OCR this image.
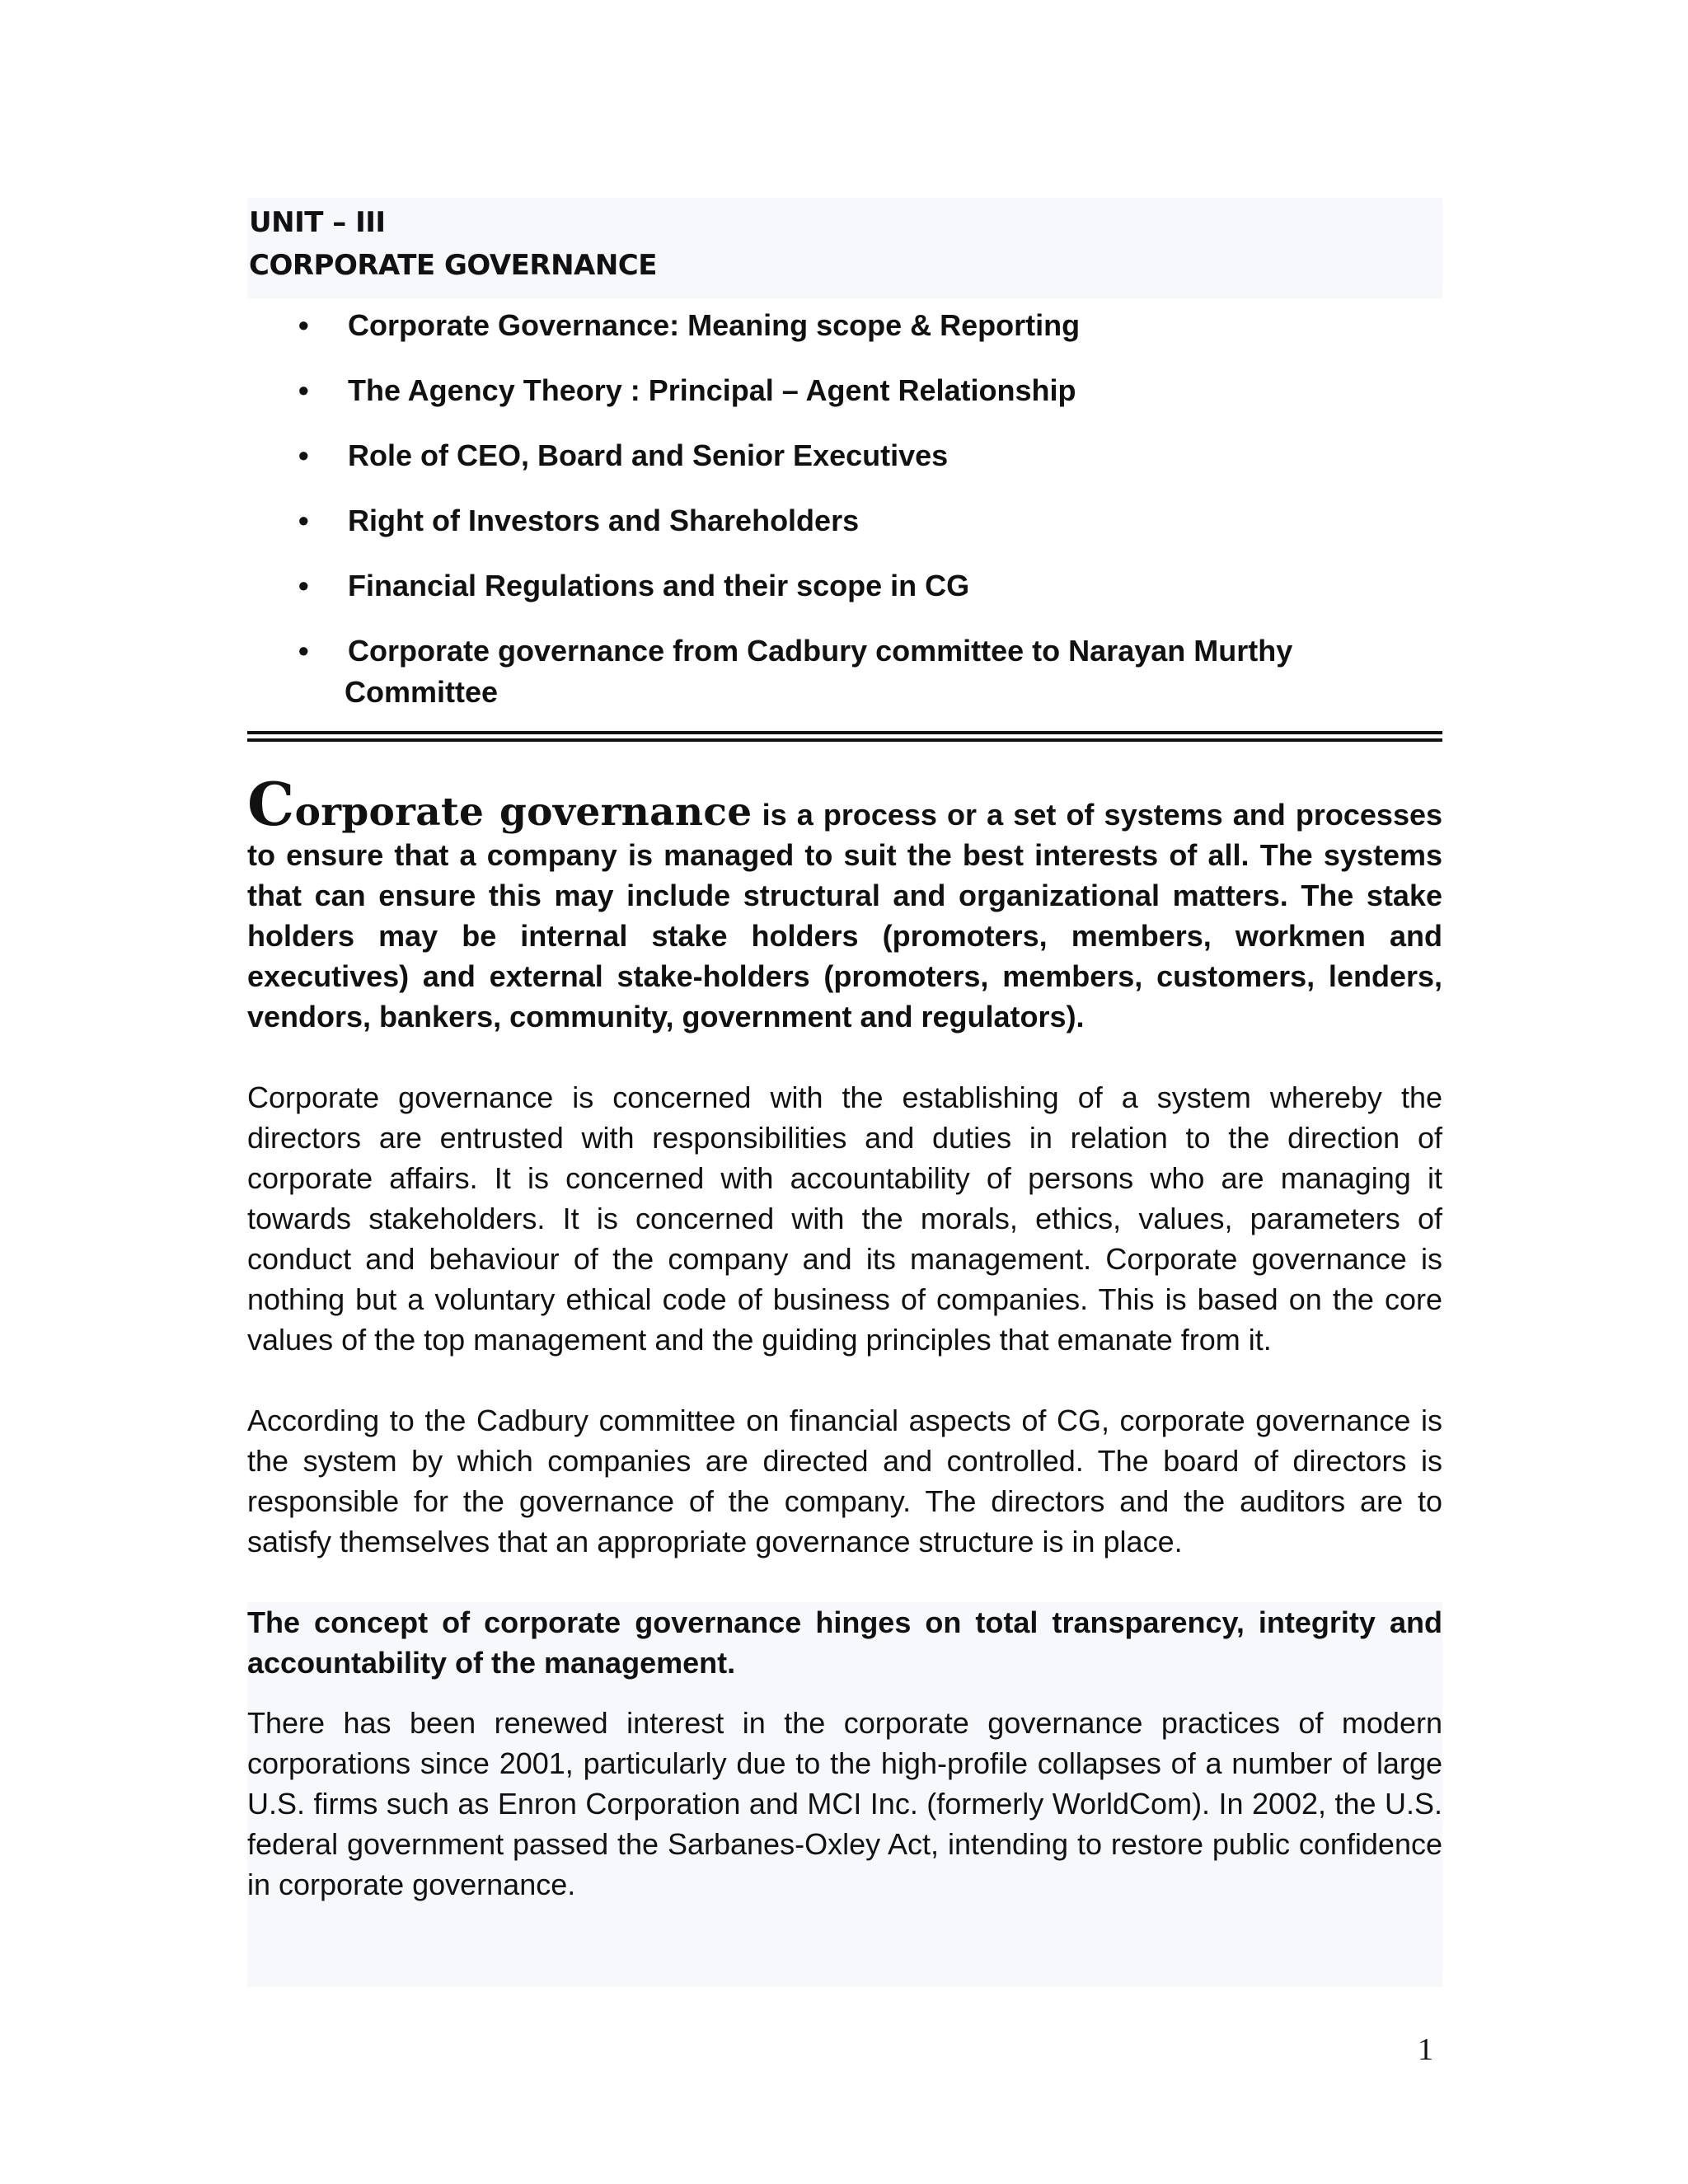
UNIT – III
CORPORATE GOVERNANCE
• Corporate Governance: Meaning scope & Reporting
• The Agency Theory : Principal – Agent Relationship
• Role of CEO, Board and Senior Executives
• Right of Investors and Shareholders
• Financial Regulations and their scope in CG
• Corporate governance from Cadbury committee to Narayan Murthy
Committee
Corporate governance is a process or a set of systems and processes to ensure that a company is managed to suit the best interests of all. The systems that can ensure this may include structural and organizational matters. The stake holders may be internal stake holders (promoters, members, workmen and executives) and external stake-holders (promoters, members, customers, lenders, vendors, bankers, community, government and regulators).

Corporate governance is concerned with the establishing of a system whereby the directors are entrusted with responsibilities and duties in relation to the direction of corporate affairs. It is concerned with accountability of persons who are managing it towards stakeholders. It is concerned with the morals, ethics, values, parameters of conduct and behaviour of the company and its management. Corporate governance is nothing but a voluntary ethical code of business of companies. This is based on the core values of the top management and the guiding principles that emanate from it.

According to the Cadbury committee on financial aspects of CG, corporate governance is the system by which companies are directed and controlled. The board of directors is responsible for the governance of the company. The directors and the auditors are to satisfy themselves that an appropriate governance structure is in place.

The concept of corporate governance hinges on total transparency, integrity and accountability of the management.

There has been renewed interest in the corporate governance practices of modern corporations since 2001, particularly due to the high-profile collapses of a number of large U.S. firms such as Enron Corporation and MCI Inc. (formerly WorldCom). In 2002, the U.S. federal government passed the Sarbanes-Oxley Act, intending to restore public confidence in corporate governance.

1
